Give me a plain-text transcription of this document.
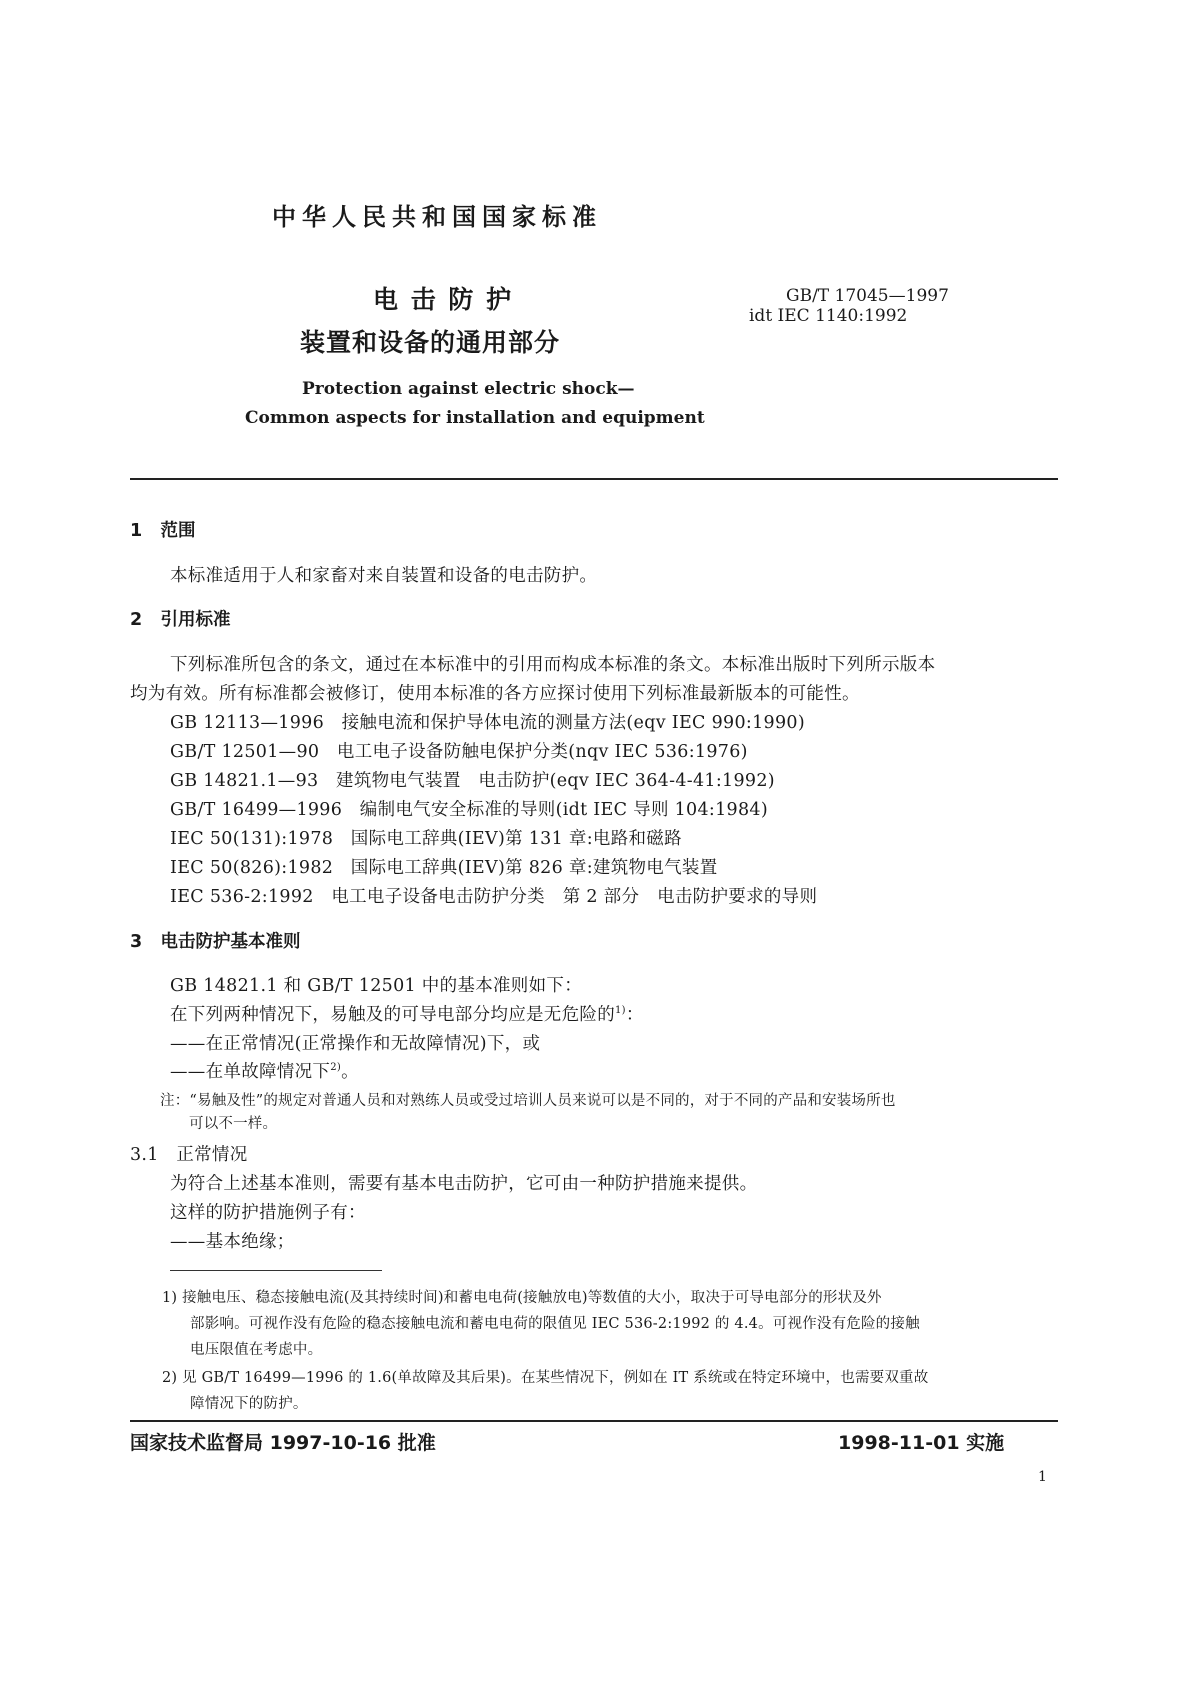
中华人民共和国国家标准
电 击 防 护
装置和设备的通用部分
GB/T 17045—1997
idt IEC 1140:1992
Protection against electric shock—
Common aspects for installation and equipment
1 范围
本标准适用于人和家畜对来自装置和设备的电击防护。
2 引用标准
下列标准所包含的条文，通过在本标准中的引用而构成本标准的条文。本标准出版时下列所示版本
均为有效。所有标准都会被修订，使用本标准的各方应探讨使用下列标准最新版本的可能性。
GB 12113—1996 接触电流和保护导体电流的测量方法(eqv IEC 990:1990)
GB/T 12501—90 电工电子设备防触电保护分类(nqv IEC 536:1976)
GB 14821.1—93 建筑物电气装置　电击防护(eqv IEC 364-4-41:1992)
GB/T 16499—1996 编制电气安全标准的导则(idt IEC 导则 104:1984)
IEC 50(131):1978 国际电工辞典(IEV)第 131 章:电路和磁路
IEC 50(826):1982 国际电工辞典(IEV)第 826 章:建筑物电气装置
IEC 536-2:1992 电工电子设备电击防护分类　第 2 部分　电击防护要求的导则
3 电击防护基本准则
GB 14821.1 和 GB/T 12501 中的基本准则如下：
在下列两种情况下，易触及的可导电部分均应是无危险的$^{1)}$：
——在正常情况(正常操作和无故障情况)下，或
——在单故障情况下$^{2)}$。
注：“易触及性”的规定对普通人员和对熟练人员或受过培训人员来说可以是不同的，对于不同的产品和安装场所也
可以不一样。
3.1 正常情况
为符合上述基本准则，需要有基本电击防护，它可由一种防护措施来提供。
这样的防护措施例子有：
——基本绝缘；
1) 接触电压、稳态接触电流(及其持续时间)和蓄电电荷(接触放电)等数值的大小，取决于可导电部分的形状及外
部影响。可视作没有危险的稳态接触电流和蓄电电荷的限值见 IEC 536-2:1992 的 4.4。可视作没有危险的接触
电压限值在考虑中。
2) 见 GB/T 16499—1996 的 1.6(单故障及其后果)。在某些情况下，例如在 IT 系统或在特定环境中，也需要双重故
障情况下的防护。
国家技术监督局 1997-10-16 批准	1998-11-01 实施
1
